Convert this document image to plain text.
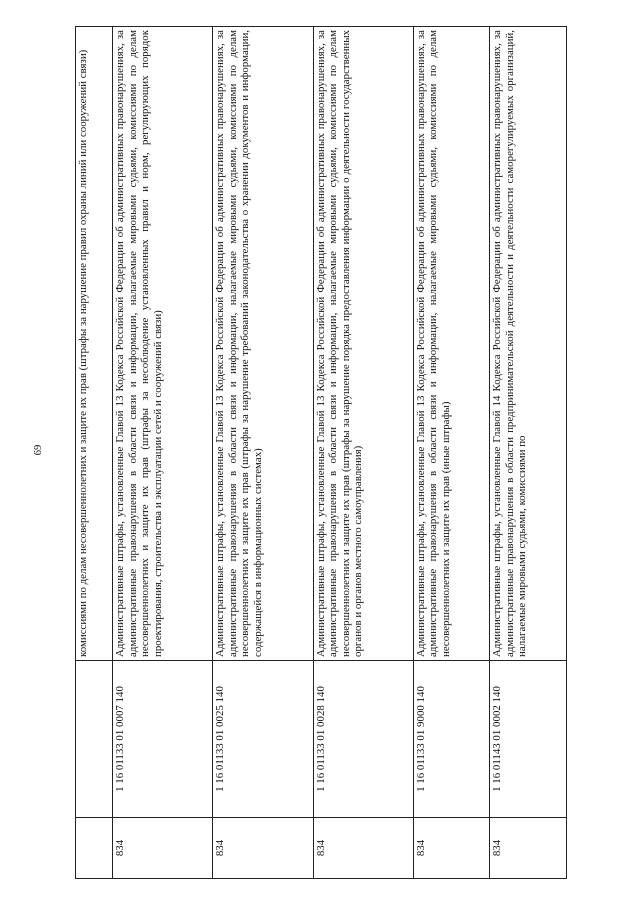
69
			комиссиями по делам несовершеннолетних и защите их прав (штрафы за нарушение правил охраны линий или сооружений связи)
834	1 16 01133 01 0007 140	Административные штрафы, установленные Главой 13 Кодекса Российской Федерации об административных правонарушениях, за административные правонарушения в области связи и информации, налагаемые мировыми судьями, комиссиями по делам несовершеннолетних и защите их прав (штрафы за несоблюдение установленных правил и норм, регулирующих порядок проектирования, строительства и эксплуатации сетей и сооружений связи)
834	1 16 01133 01 0025 140	Административные штрафы, установленные Главой 13 Кодекса Российской Федерации об административных правонарушениях, за административные правонарушения в области связи и информации, налагаемые мировыми судьями, комиссиями по делам несовершеннолетних и защите их прав (штрафы за нарушение требований законодательства о хранении документов и информации, содержащейся в информационных системах)
834	1 16 01133 01 0028 140	Административные штрафы, установленные Главой 13 Кодекса Российской Федерации об административных правонарушениях, за административные правонарушения в области связи и информации, налагаемые мировыми судьями, комиссиями по делам несовершеннолетних и защите их прав (штрафы за нарушение порядка предоставления информации о деятельности государственных органов и органов местного самоуправления)
834	1 16 01133 01 9000 140	Административные штрафы, установленные Главой 13 Кодекса Российской Федерации об административных правонарушениях, за административные правонарушения в области связи и информации, налагаемые мировыми судьями, комиссиями по делам несовершеннолетних и защите их прав (иные штрафы)
834	1 16 01143 01 0002 140	Административные штрафы, установленные Главой 14 Кодекса Российской Федерации об административных правонарушениях, за административные правонарушения в области предпринимательской деятельности и деятельности саморегулируемых организаций, налагаемые мировыми судьями, комиссиями по
